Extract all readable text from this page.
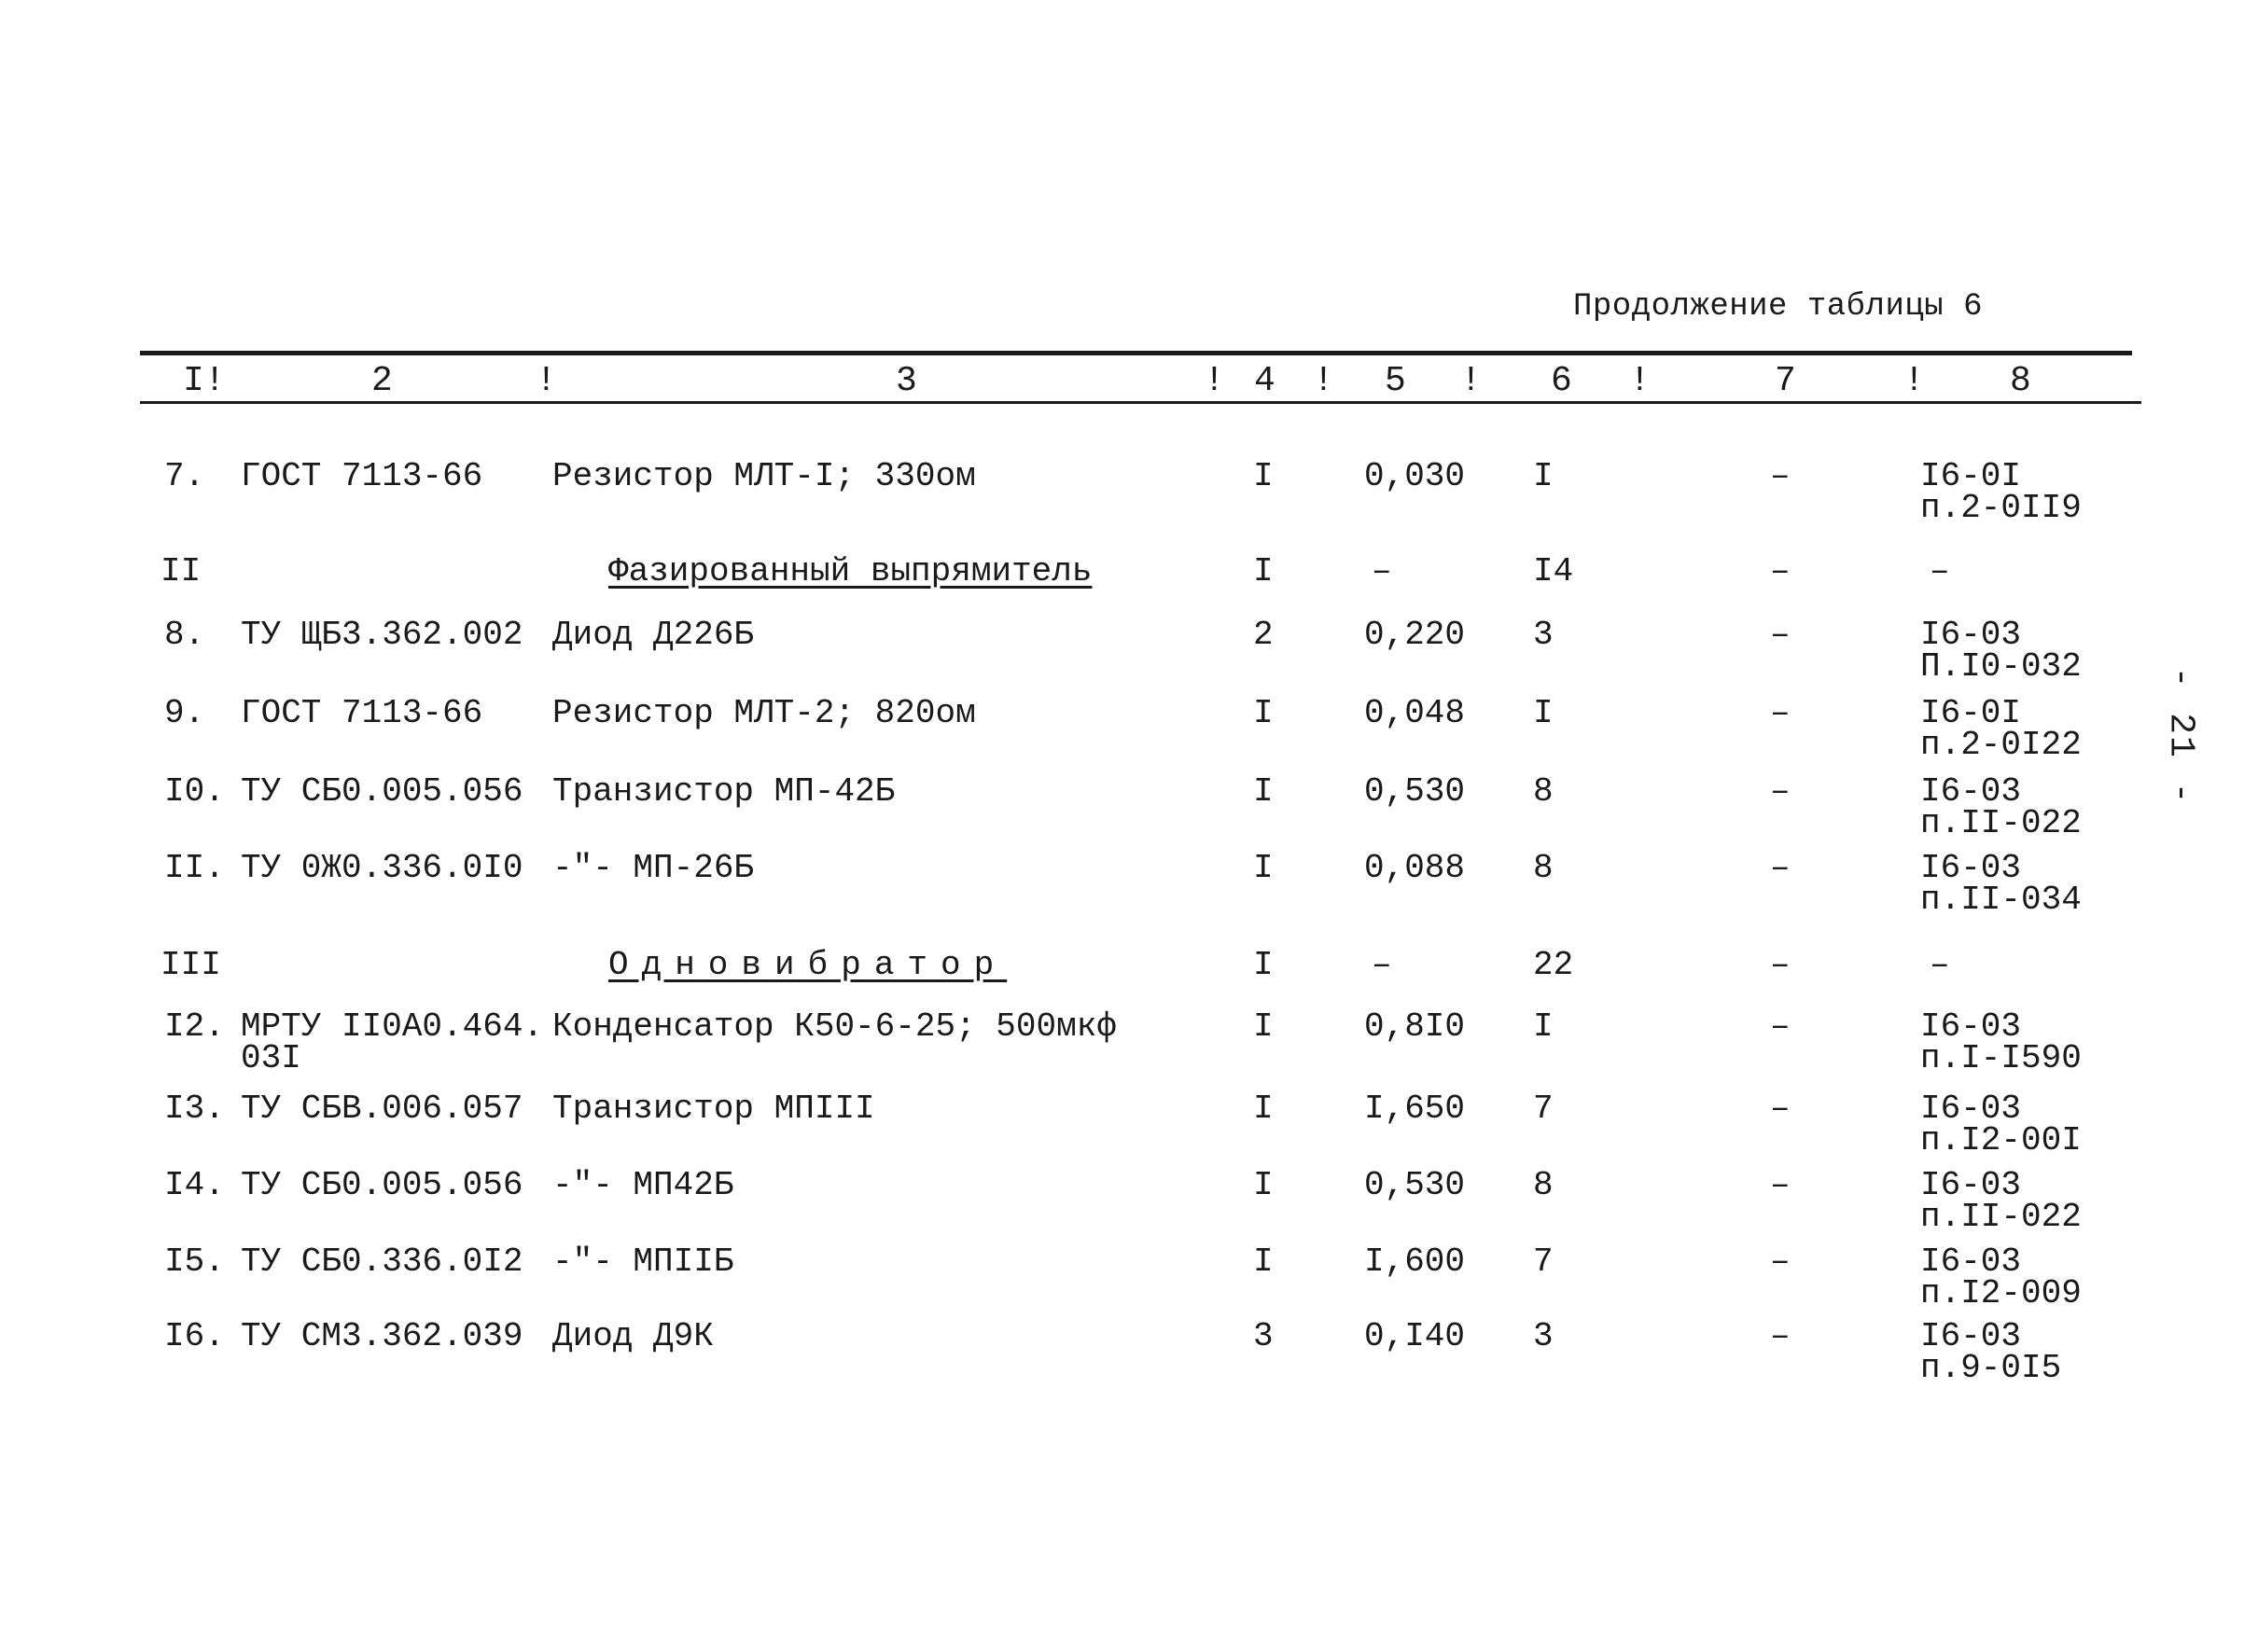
Продолжение таблицы 6
I!	2	!	3	! 4 ! 5 ! 6 !	7	! 8
7. ГОСТ 7113-66 Резистор МЛТ-I; 330ом	I	0,030 I	–	I6-0I
п.2-0II9
II	Фазированный выпрямитель	I	–	I4	–	–
8. ТУ ЩБ3.362.002 Диод Д226Б	2	0,220 3	–	I6-03
П.I0-032
9. ГОСТ 7113-66 Резистор МЛТ-2; 820ом	I	0,048 I	–	I6-0I
п.2-0I22
I0. ТУ СБ0.005.056 Транзистор МП-42Б	I	0,530 8	–	I6-03
п.II-022
II. ТУ 0Ж0.336.0I0 -"- МП-26Б	I	0,088 8	–	I6-03
п.II-034
III	Одновибратор	I	–	22	–	–
I2. МРТУ II0А0.464.
03I
Конденсатор К50-6-25; 500мкф	I	0,8I0 I	–	I6-03
п.I-I590
I3. ТУ СБВ.006.057 Транзистор МПIII	I	I,650 7	–	I6-03
п.I2-00I
I4. ТУ СБ0.005.056 -"- МП42Б	I	0,530 8	–	I6-03
п.II-022
I5. ТУ СБ0.336.0I2 -"- МПIIБ	I	I,600 7	–	I6-03
п.I2-009
I6. ТУ СМ3.362.039 Диод Д9К	3	0,I40 3	–	I6-03
п.9-0I5
- 21 -
